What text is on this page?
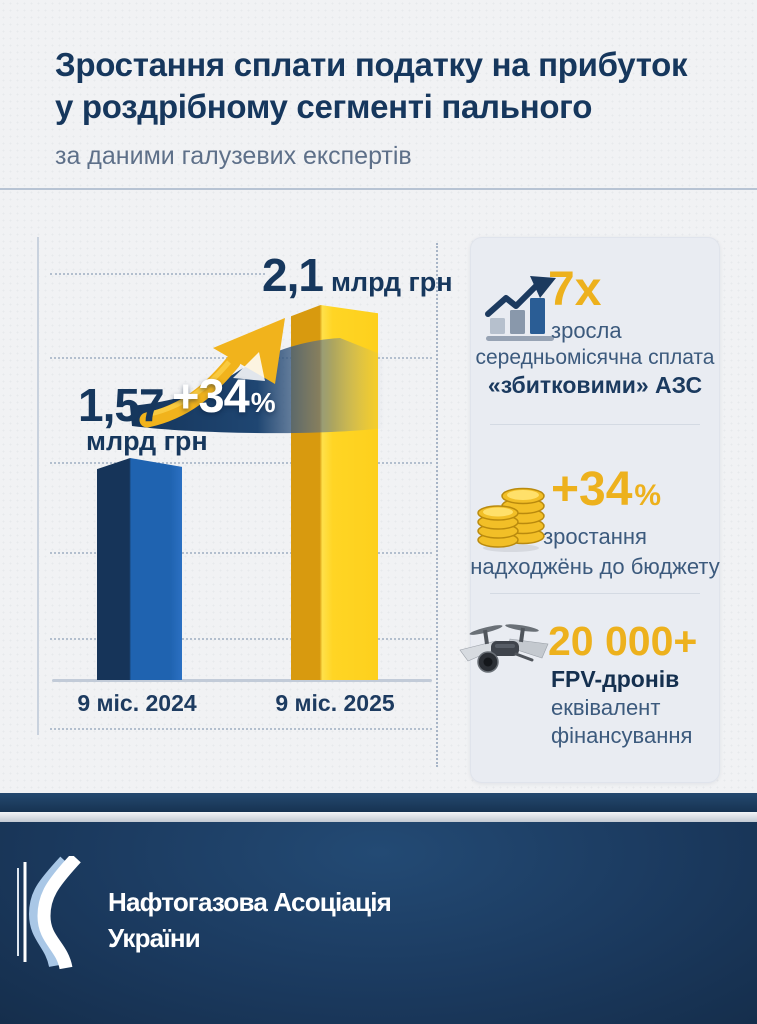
Зростання сплати податку на прибуток
у роздрібному сегменті пального
за даними галузевих експертів
2,1 млрд грн
1,57
млрд грн
+34 %
9 міс. 2024	9 міс. 2025
7x
зросла
середньомісячна сплата
«збитковими» АЗС
+34 %
зростання
надходжёнь до бюджету
20 000+
FPV-дронів
еквівалент
фінансування
Нафтогазова Асоціація
України
